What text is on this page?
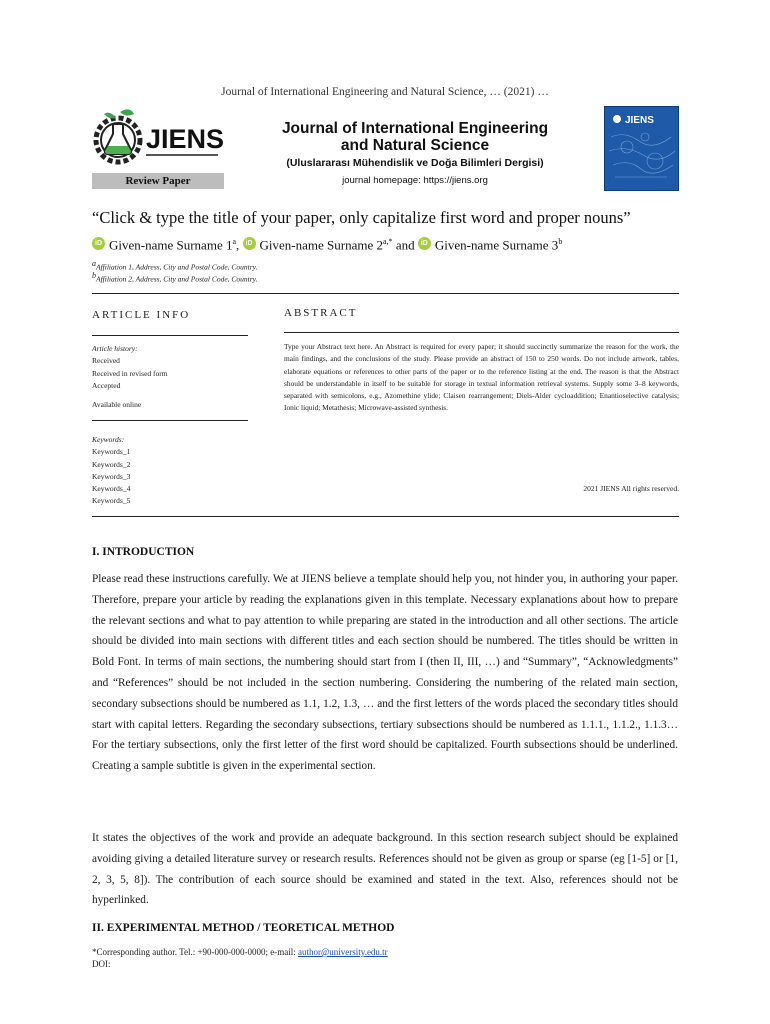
Journal of International Engineering and Natural Science, … (2021) …
JIENS
Review Paper
Journal of International Engineering
and Natural Science
(Uluslararası Mühendislik ve Doğa Bilimleri Dergisi)
journal homepage: https://jiens.org
JIENS
“Click & type the title of your paper, only capitalize first word and proper nouns”
iDGiven-name Surname 1$^a$, iDGiven-name Surname $2^{a,*}$ and iD Given-name Surname 3$^b$
$^a$Affiliation 1, Address, City and Postal Code, Country.
$^b$Affiliation 2, Address, City and Postal Code, Country.
ARTICLE INFO
Article history:
Received
Received in revised form
Accepted
Available online
Keywords:
Keywords_1
Keywords_2
Keywords_3
Keywords_4
Keywords_5
ABSTRACT
Type your Abstract text here. An Abstract is required for every paper; it should succinctly summarize the reason for the work, the main findings, and the conclusions of the study. Please provide an abstract of 150 to 250 words. Do not include artwork, tables, elaborate equations or references to other parts of the paper or to the reference listing at the end. The reason is that the Abstract should be understandable in itself to be suitable for storage in textual information retrieval systems. Supply some 3–8 keywords, separated with semicolons, e.g., Azomethine ylide; Claisen rearrangement; Diels-Alder cycloaddition; Enantioselective catalysis; Ionic liquid; Metathesis; Microwave-assisted synthesis.
2021 JIENS All rights reserved.
I. INTRODUCTION
Please read these instructions carefully. We at JIENS believe a template should help you, not hinder you, in authoring your paper. Therefore, prepare your article by reading the explanations given in this template. Necessary explanations about how to prepare the relevant sections and what to pay attention to while preparing are stated in the introduction and all other sections. The article should be divided into main sections with different titles and each section should be numbered. The titles should be written in Bold Font. In terms of main sections, the numbering should start from I (then II, III, …) and “Summary”, “Acknowledgments” and “References” should be not included in the section numbering. Considering the numbering of the related main section, secondary subsections should be numbered as 1.1, 1.2, 1.3, … and the first letters of the words placed the secondary titles should start with capital letters. Regarding the secondary subsections, tertiary subsections should be numbered as 1.1.1., 1.1.2., 1.1.3…For the tertiary subsections, only the first letter of the first word should be capitalized. Fourth subsections should be underlined. Creating a sample subtitle is given in the experimental section.
It states the objectives of the work and provide an adequate background. In this section research subject should be explained avoiding giving a detailed literature survey or research results. References should not be given as group or sparse (eg [1-5] or [1, 2, 3, 5, 8]). The contribution of each source should be examined and stated in the text. Also, references should not be hyperlinked.
II. EXPERIMENTAL METHOD / TEORETICAL METHOD
*Corresponding author. Tel.: +90-000-000-0000; e-mail: author@university.edu.tr
DOI:
